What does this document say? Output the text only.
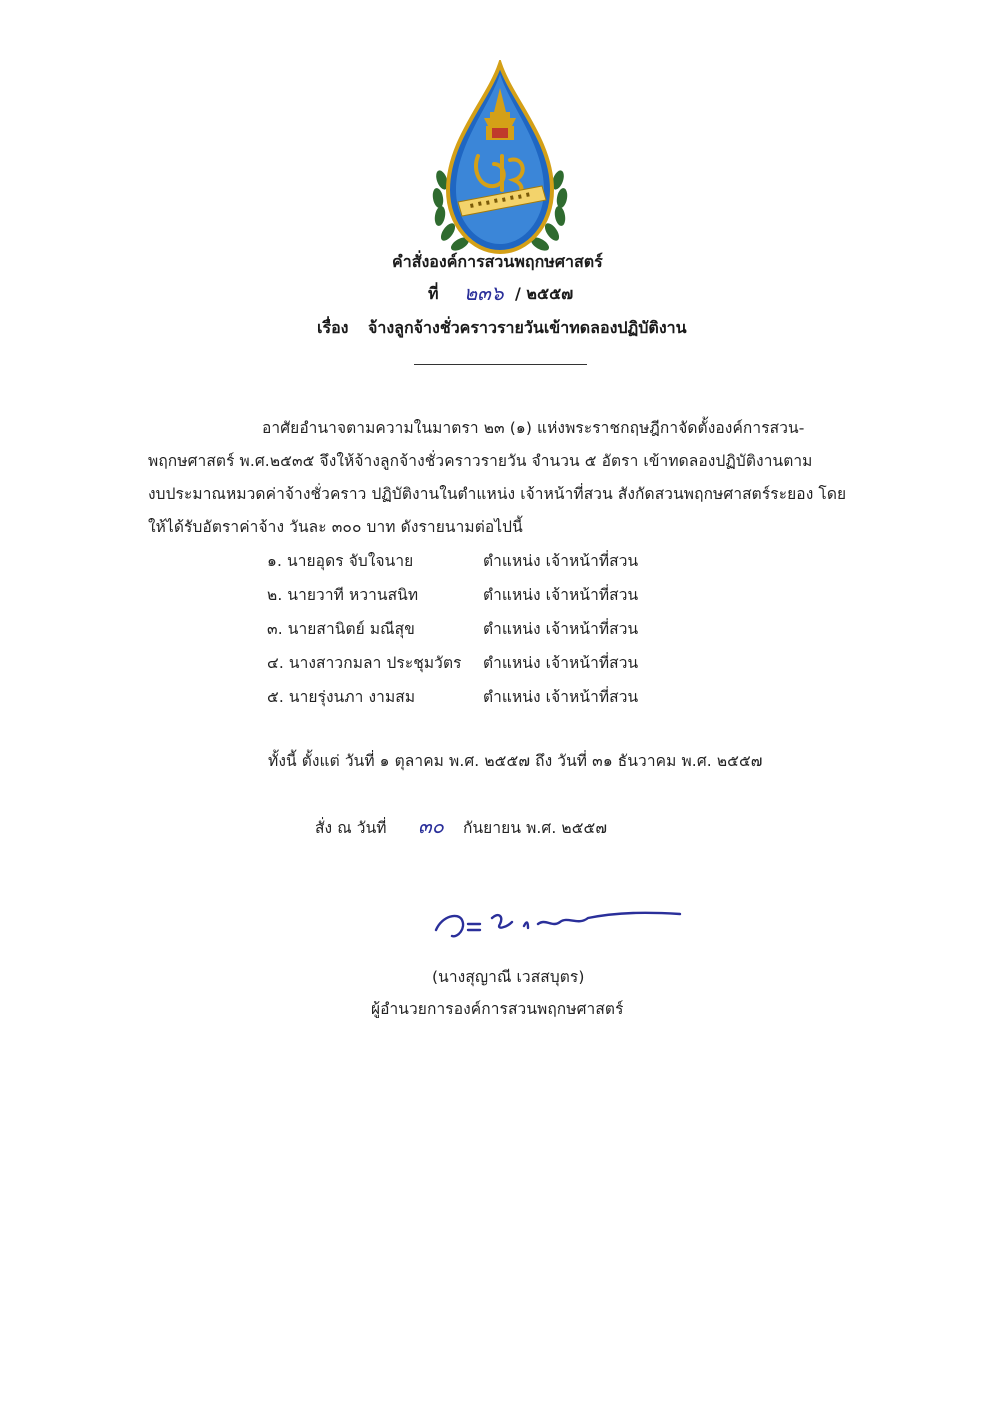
คำสั่งองค์การสวนพฤกษศาสตร์
ที่ ๒๓๖ / ๒๕๕๗
เรื่อง จ้างลูกจ้างชั่วคราวรายวันเข้าทดลองปฏิบัติงาน
อาศัยอำนาจตามความในมาตรา ๒๓ (๑) แห่งพระราชกฤษฎีกาจัดตั้งองค์การสวน-
พฤกษศาสตร์ พ.ศ.๒๕๓๕ จึงให้จ้างลูกจ้างชั่วคราวรายวัน จำนวน ๕ อัตรา เข้าทดลองปฏิบัติงานตาม
งบประมาณหมวดค่าจ้างชั่วคราว ปฏิบัติงานในตำแหน่ง เจ้าหน้าที่สวน สังกัดสวนพฤกษศาสตร์ระยอง โดย
ให้ได้รับอัตราค่าจ้าง วันละ ๓๐๐ บาท ดังรายนามต่อไปนี้
๑. นายอุดร จับใจนาย	ตำแหน่ง เจ้าหน้าที่สวน
๒. นายวาที หวานสนิท	ตำแหน่ง เจ้าหน้าที่สวน
๓. นายสานิตย์ มณีสุข	ตำแหน่ง เจ้าหน้าที่สวน
๔. นางสาวกมลา ประชุมวัตร ตำแหน่ง เจ้าหน้าที่สวน
๕. นายรุ่งนภา งามสม	ตำแหน่ง เจ้าหน้าที่สวน
ทั้งนี้ ตั้งแต่ วันที่ ๑ ตุลาคม พ.ศ. ๒๕๕๗ ถึง วันที่ ๓๑ ธันวาคม พ.ศ. ๒๕๕๗
สั่ง ณ วันที่ ๓๐ กันยายน พ.ศ. ๒๕๕๗
(นางสุญาณี เวสสบุตร)
ผู้อำนวยการองค์การสวนพฤกษศาสตร์
